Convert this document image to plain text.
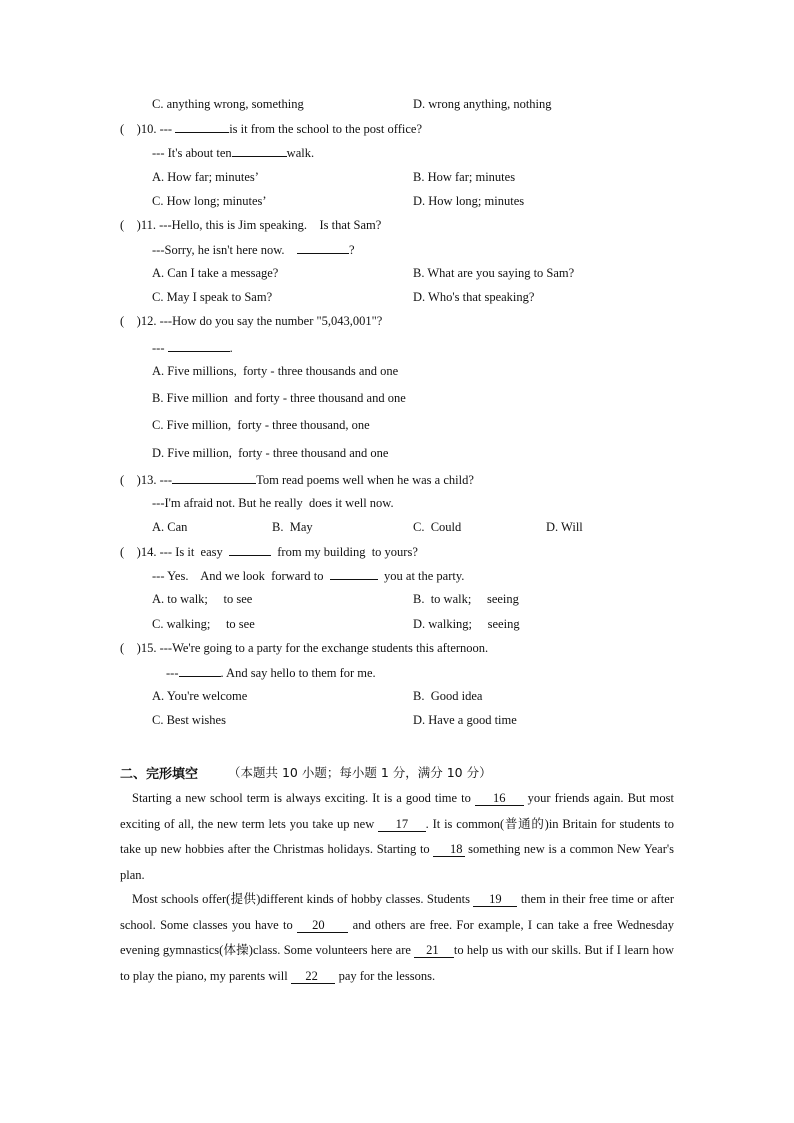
C. anything wrong, something	D. wrong anything, nothing
( )10. ---	is it from the school to the post office?
--- It's about ten	walk.
A. How far; minutes’	B. How far; minutes
C. How long; minutes’	D. How long; minutes
( )11. ---Hello, this is Jim speaking.    Is that Sam?
---Sorry, he isn't here now.	?
A. Can I take a message?	B. What are you saying to Sam?
C. May I speak to Sam?	D. Who's that speaking?
( )12. ---How do you say the number "5,043,001"?
---	.
A. Five millions,  forty - three thousands and one
B. Five million  and forty - three thousand and one
C. Five million,  forty - three thousand, one
D. Five million,  forty - three thousand and one
( )13. ---	Tom read poems well when he was a child?
---I'm afraid not. But he really  does it well now.
A. Can	B.  May	C.  Could	D. Will
( )14. --- Is it  easy	from my building  to yours?
--- Yes.    And we look  forward to	you at the party.
A. to walk;     to see	B.  to walk;     seeing
C. walking;     to see	D. walking;     seeing
( )15. ---We're going to a party for the exchange students this afternoon.
---	. And say hello to them for me.
A. You're welcome	B.  Good idea
C. Best wishes	D. Have a good time
二、完形填空 （本题共 10 小题；每小题 1 分，满分 10 分）
Starting a new school term is always exciting. It is a good time to     16     your friends again. But most exciting of all, the new term lets you take up new     17 . It is common(普通的)in Britain for students to take up new hobbies after the Christmas holidays. Starting to     18 something new is a common New Year's plan.
Most schools offer(提供)different kinds of hobby classes. Students     19     them in their free time or after school. Some classes you have to    20      and others are free. For example, I can take a free Wednesday evening gymnastics(体操)class. Some volunteers here are    21 to help us with our skills. But if I learn how to play the piano, my parents will     22      pay for the lessons.
